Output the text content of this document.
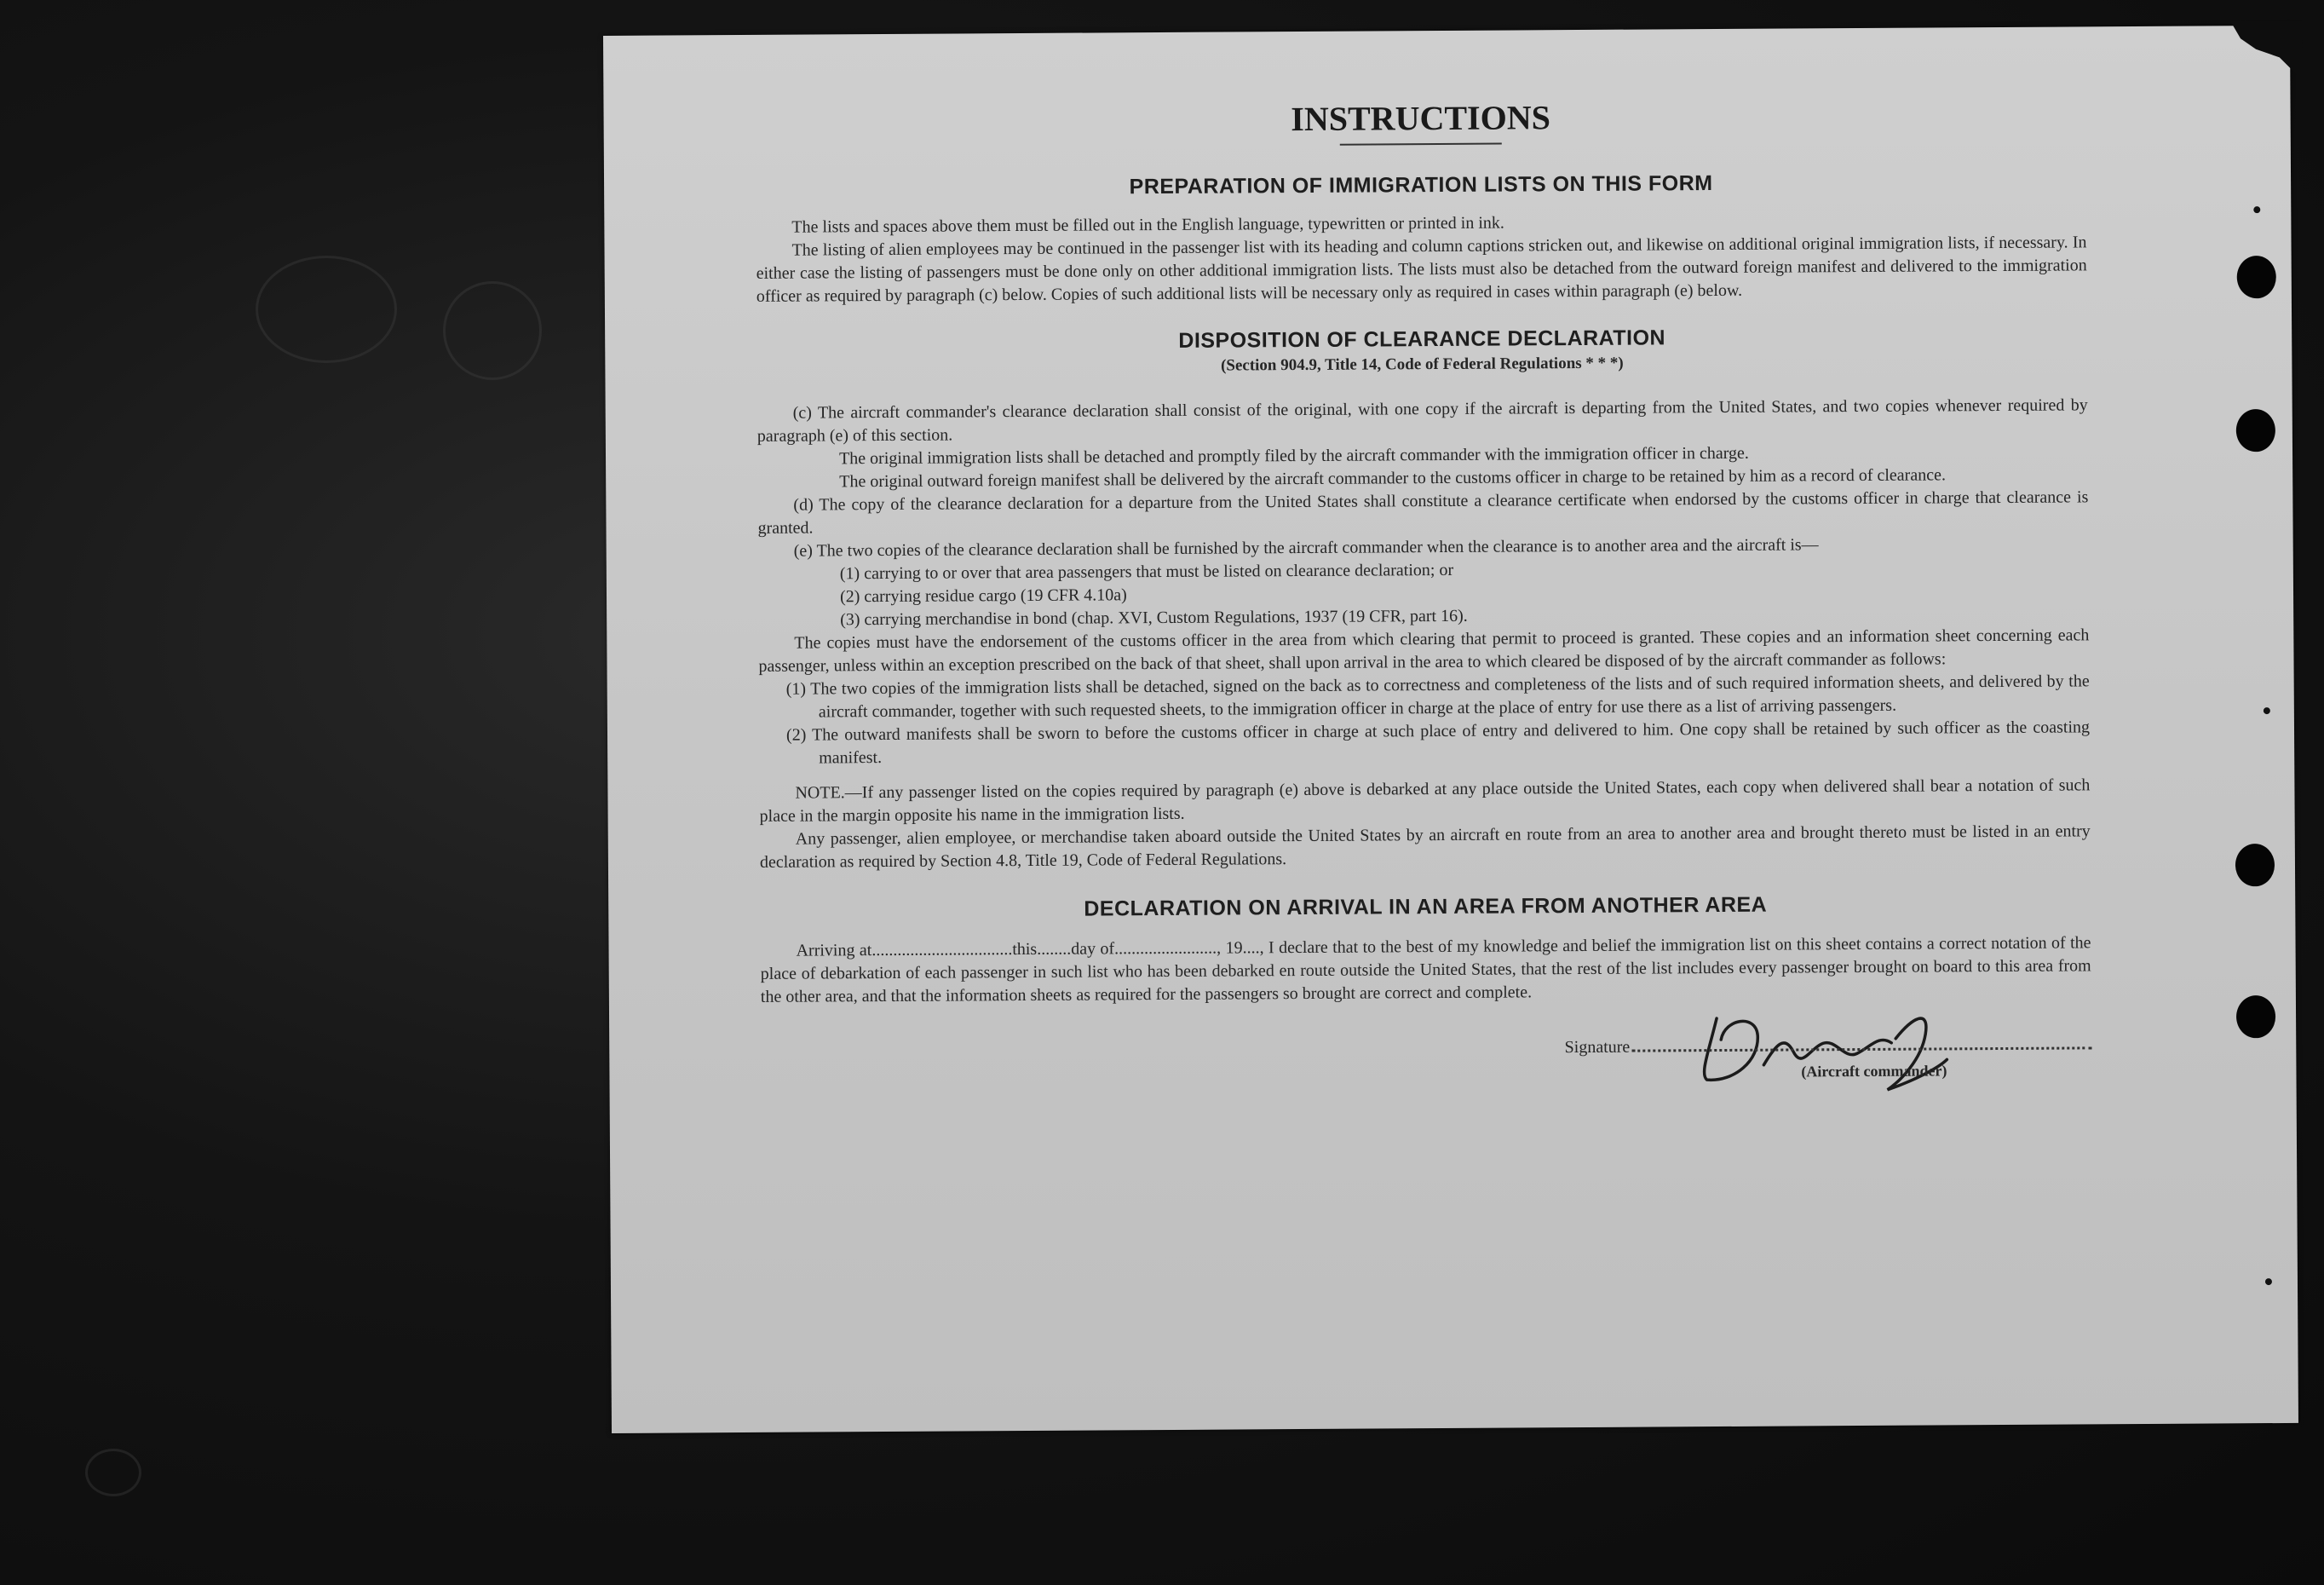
INSTRUCTIONS
PREPARATION OF IMMIGRATION LISTS ON THIS FORM

The lists and spaces above them must be filled out in the English language, typewritten or printed in ink.

The listing of alien employees may be continued in the passenger list with its heading and column captions stricken out, and likewise on additional original immigration lists, if necessary. In either case the listing of passengers must be done only on other additional immigration lists. The lists must also be detached from the outward foreign manifest and delivered to the immigration officer as required by paragraph (c) below. Copies of such additional lists will be necessary only as required in cases within paragraph (e) below.

DISPOSITION OF CLEARANCE DECLARATION

(Section 904.9, Title 14, Code of Federal Regulations * * *)

(c) The aircraft commander's clearance declaration shall consist of the original, with one copy if the aircraft is departing from the United States, and two copies whenever required by paragraph (e) of this section.

The original immigration lists shall be detached and promptly filed by the aircraft commander with the immigration officer in charge.

The original outward foreign manifest shall be delivered by the aircraft commander to the customs officer in charge to be retained by him as a record of clearance.

(d) The copy of the clearance declaration for a departure from the United States shall constitute a clearance certificate when endorsed by the customs officer in charge that clearance is granted.

(e) The two copies of the clearance declaration shall be furnished by the aircraft commander when the clearance is to another area and the aircraft is—

(1) carrying to or over that area passengers that must be listed on clearance declaration; or

(2) carrying residue cargo (19 CFR 4.10a)

(3) carrying merchandise in bond (chap. XVI, Custom Regulations, 1937 (19 CFR, part 16).

The copies must have the endorsement of the customs officer in the area from which clearing that permit to proceed is granted. These copies and an information sheet concerning each passenger, unless within an exception prescribed on the back of that sheet, shall upon arrival in the area to which cleared be disposed of by the aircraft commander as follows:

(1) The two copies of the immigration lists shall be detached, signed on the back as to correctness and completeness of the lists and of such required information sheets, and delivered by the aircraft commander, together with such requested sheets, to the immigration officer in charge at the place of entry for use there as a list of arriving passengers.

(2) The outward manifests shall be sworn to before the customs officer in charge at such place of entry and delivered to him. One copy shall be retained by such officer as the coasting manifest.

NOTE.—If any passenger listed on the copies required by paragraph (e) above is debarked at any place outside the United States, each copy when delivered shall bear a notation of such place in the margin opposite his name in the immigration lists.

Any passenger, alien employee, or merchandise taken aboard outside the United States by an aircraft en route from an area to another area and brought thereto must be listed in an entry declaration as required by Section 4.8, Title 19, Code of Federal Regulations.

DECLARATION ON ARRIVAL IN AN AREA FROM ANOTHER AREA

Arriving at.................................this........day of........................, 19...., I declare that to the best of my knowledge and belief the immigration list on this sheet contains a correct notation of the place of debarkation of each passenger in such list who has been debarked en route outside the United States, that the rest of the list includes every passenger brought on board to this area from the other area, and that the information sheets as required for the passengers so brought are correct and complete.

Signature
(Aircraft commander)
